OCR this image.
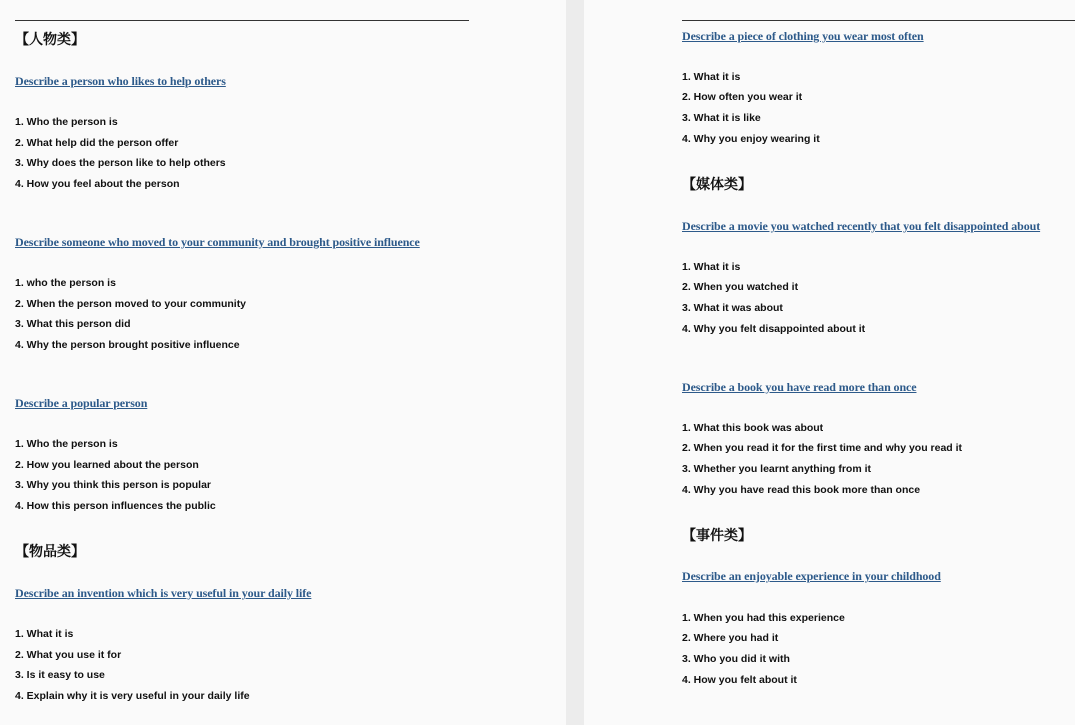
【人物类】
Describe a person who likes to help others
1. Who the person is
2. What help did the person offer
3. Why does the person like to help others
4. How you feel about the person
Describe someone who moved to your community and brought positive influence
1. who the person is
2. When the person moved to your community
3. What this person did
4. Why the person brought positive influence
Describe a popular person
1. Who the person is
2. How you learned about the person
3. Why you think this person is popular
4. How this person influences the public
【物品类】
Describe an invention which is very useful in your daily life
1. What it is
2. What you use it for
3. Is it easy to use
4. Explain why it is very useful in your daily life
Describe a piece of clothing you wear most often
1. What it is
2. How often you wear it
3. What it is like
4. Why you enjoy wearing it
【媒体类】
Describe a movie you watched recently that you felt disappointed about
1. What it is
2. When you watched it
3. What it was about
4. Why you felt disappointed about it
Describe a book you have read more than once
1. What this book was about
2. When you read it for the first time and why you read it
3. Whether you learnt anything from it
4. Why you have read this book more than once
【事件类】
Describe an enjoyable experience in your childhood
1. When you had this experience
2. Where you had it
3. Who you did it with
4. How you felt about it
